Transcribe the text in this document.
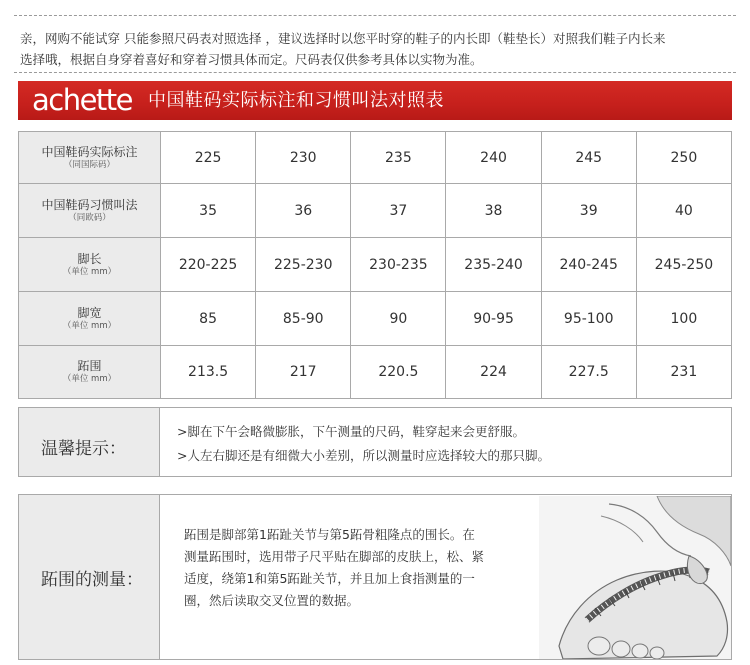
亲，网购不能试穿 只能参照尺码表对照选择 ，建议选择时以您平时穿的鞋子的内长即（鞋垫长）对照我们鞋子内长来
选择哦，根据自身穿着喜好和穿着习惯具体而定。尺码表仅供参考具体以实物为准。
achette 中国鞋码实际标注和习惯叫法对照表
中国鞋码实际标注
（同国际码）	225	230	235	240	245	250

中国鞋码习惯叫法
（同欧码）	35	36	37	38	39	40

脚长
（单位 mm）	220-225	225-230	230-235	235-240	240-245	245-250

脚宽
（单位 mm）	85	85-90	90	90-95	95-100	100

跖围
（单位 mm）	213.5	217	220.5	224	227.5	231
温馨提示：
>脚在下午会略微膨胀，下午测量的尺码，鞋穿起来会更舒服。
>人左右脚还是有细微大小差别，所以测量时应选择较大的那只脚。
跖围的测量：
跖围是脚部第1跖趾关节与第5跖骨粗隆点的围长。在
测量跖围时，选用带子尺平贴在脚部的皮肤上，松、紧
适度，绕第1和第5跖趾关节，并且加上食指测量的一
圈，然后读取交叉位置的数据。
